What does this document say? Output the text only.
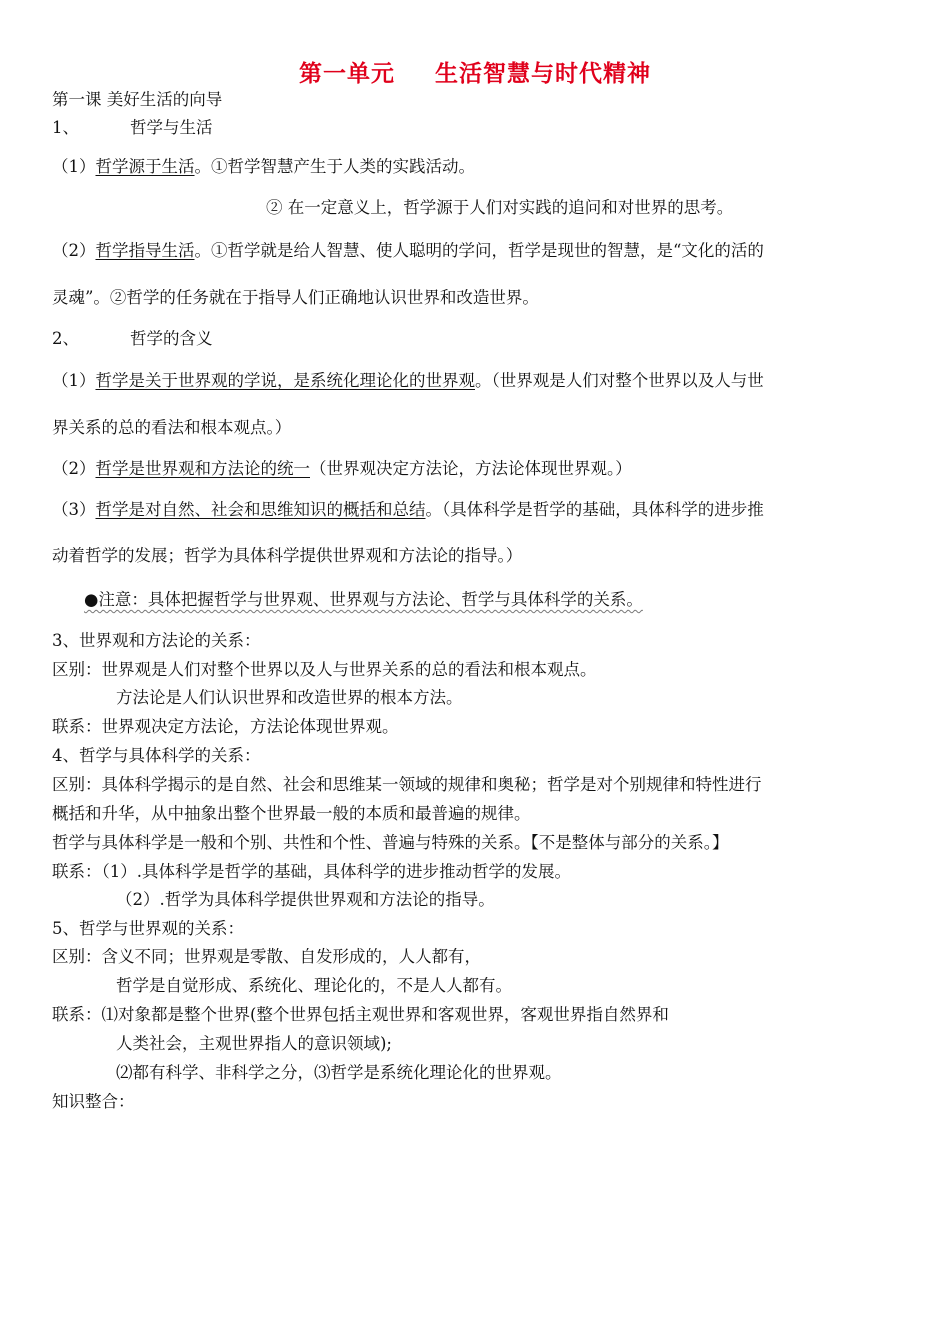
第一单元 生活智慧与时代精神
第一课 美好生活的向导
1、	哲学与生活
（1）哲学源于生活。①哲学智慧产生于人类的实践活动。
② 在一定意义上，哲学源于人们对实践的追问和对世界的思考。
（2）哲学指导生活。①哲学就是给人智慧、使人聪明的学问，哲学是现世的智慧，是“文化的活的
灵魂”。②哲学的任务就在于指导人们正确地认识世界和改造世界。
2、	哲学的含义
（1）哲学是关于世界观的学说，是系统化理论化的世界观。（世界观是人们对整个世界以及人与世
界关系的总的看法和根本观点。）
（2）哲学是世界观和方法论的统一（世界观决定方法论，方法论体现世界观。）
（3）哲学是对自然、社会和思维知识的概括和总结。（具体科学是哲学的基础，具体科学的进步推
动着哲学的发展；哲学为具体科学提供世界观和方法论的指导。）
●注意：具体把握哲学与世界观、世界观与方法论、哲学与具体科学的关系。
3、世界观和方法论的关系：
区别：世界观是人们对整个世界以及人与世界关系的总的看法和根本观点。
方法论是人们认识世界和改造世界的根本方法。
联系：世界观决定方法论，方法论体现世界观。
4、哲学与具体科学的关系：
区别：具体科学揭示的是自然、社会和思维某一领域的规律和奥秘；哲学是对个别规律和特性进行
概括和升华，从中抽象出整个世界最一般的本质和最普遍的规律。
哲学与具体科学是一般和个别、共性和个性、普遍与特殊的关系。【不是整体与部分的关系。】
联系：（1）.具体科学是哲学的基础，具体科学的进步推动哲学的发展。
（2）.哲学为具体科学提供世界观和方法论的指导。
5、哲学与世界观的关系：
区别：含义不同；世界观是零散、自发形成的，人人都有，
哲学是自觉形成、系统化、理论化的，不是人人都有。
联系：⑴对象都是整个世界(整个世界包括主观世界和客观世界，客观世界指自然界和
人类社会，主观世界指人的意识领域);
⑵都有科学、非科学之分，⑶哲学是系统化理论化的世界观。
知识整合：
